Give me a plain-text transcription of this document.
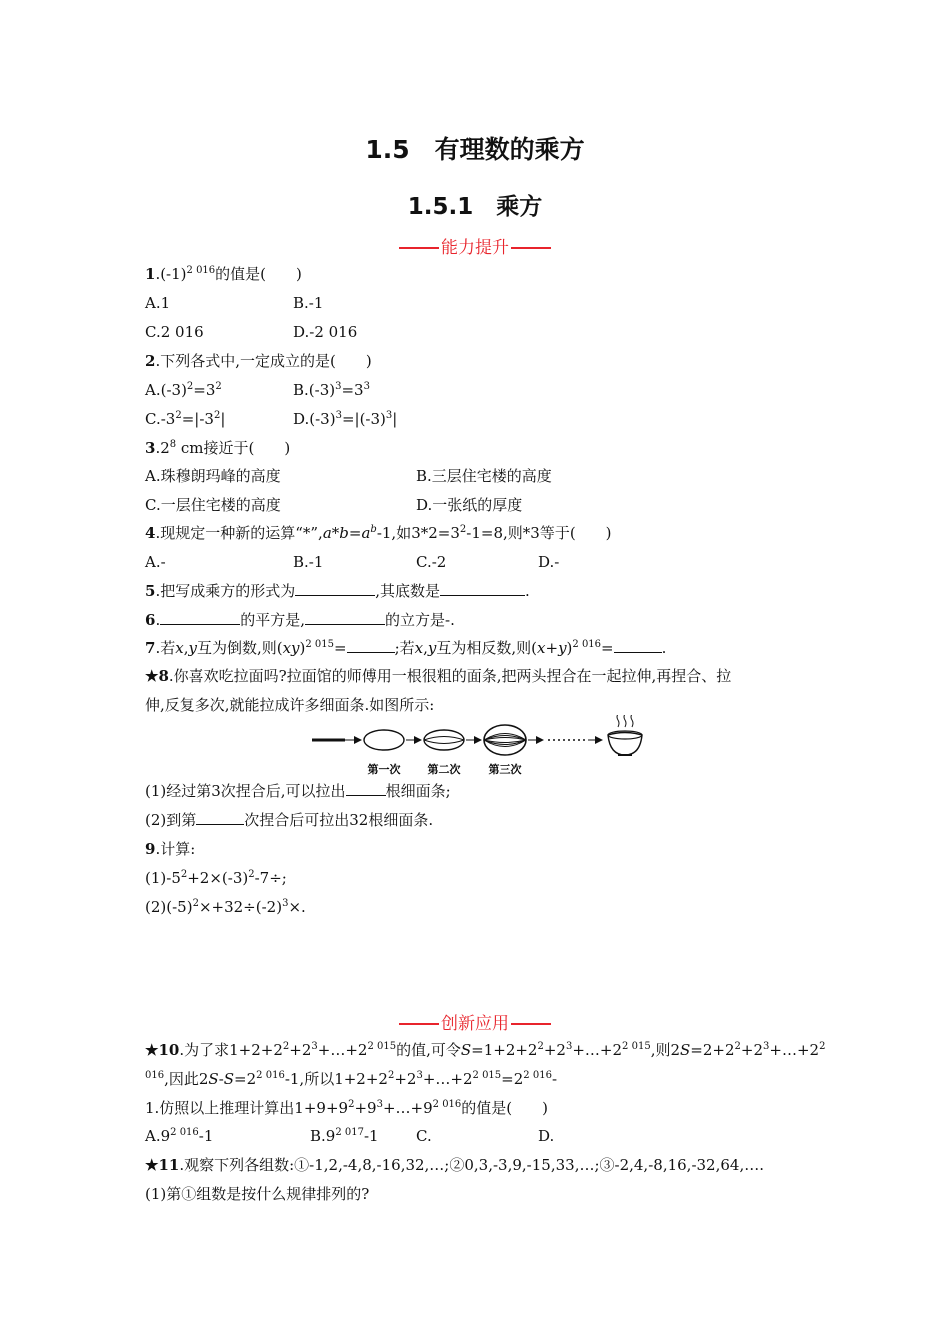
1.5　有理数的乘方
1.5.1　乘方
能力提升
$1.(-1)^{2 016}$的值是(　　)
A.1	B.-1
C.2 016	D.-2 016
2.下列各式中,一定成立的是(　　)
$A.(-3)^2=3^2$	$B.(-3)^3=3^3$
$C.-3^2=|-3^2|$	$D.(-3)^3=|(-3)^3|$
$3.2^8$ cm接近于(　　)
A.珠穆朗玛峰的高度	B.三层住宅楼的高度
C.一层住宅楼的高度	D.一张纸的厚度
4.现规定一种新的运算“$*”,a*b=a^b-1$,如$3*2=3^2-1=8$,则*3等于(　　)
A.-	B.-1	C.-2	D.-
5.把写成乘方的形式为	,其底数是	.
6.	的平方是,	的立方是-.
7.若x,y互为倒数,则(xy)$^{2 015}$=	;若x,y互为相反数,则$(x+y)^{2 016}=$	.
★8.你喜欢吃拉面吗?拉面馆的师傅用一根很粗的面条,把两头捏合在一起拉伸,再捏合、拉
伸,反复多次,就能拉成许多细面条.如图所示:
第一次 第二次	第三次
(1)经过第3次捏合后,可以拉出	根细面条;
(2)到第	次捏合后可拉出32根细面条.
9.计算:
$(1)-5^2+2\times(-3)^2-7\div$;
$(2)(-5)^2\times+32\div(-2)^3\times$.
创新应用
★10.为了求$1+2+2^2+2^3+\dots+2^{2 015}$的值,可令$S=1+2+2^2+2^3+\dots+2^{2 015}$,则$2S=2+2^2+2^3+\dots+2^2$
$^{016}$,因此$2S-S=2^{2 016}-1$,所以$1+2+2^2+2^3+\dots+2^{2 015}=2^{2 016}-$
1.仿照以上推理计算出$1+9+9^2+9^3+\dots+9^{2 016}$的值是(　　)
$A.9^{2 016}-1$	$B.9^{2 017}-1$ C.	D.
★11.观察下列各组数:①-1,2,-4,8,-16,32,…;②0,3,-3,9,-15,33,…;③-2,4,-8,16,-32,64,….
(1)第①组数是按什么规律排列的?
